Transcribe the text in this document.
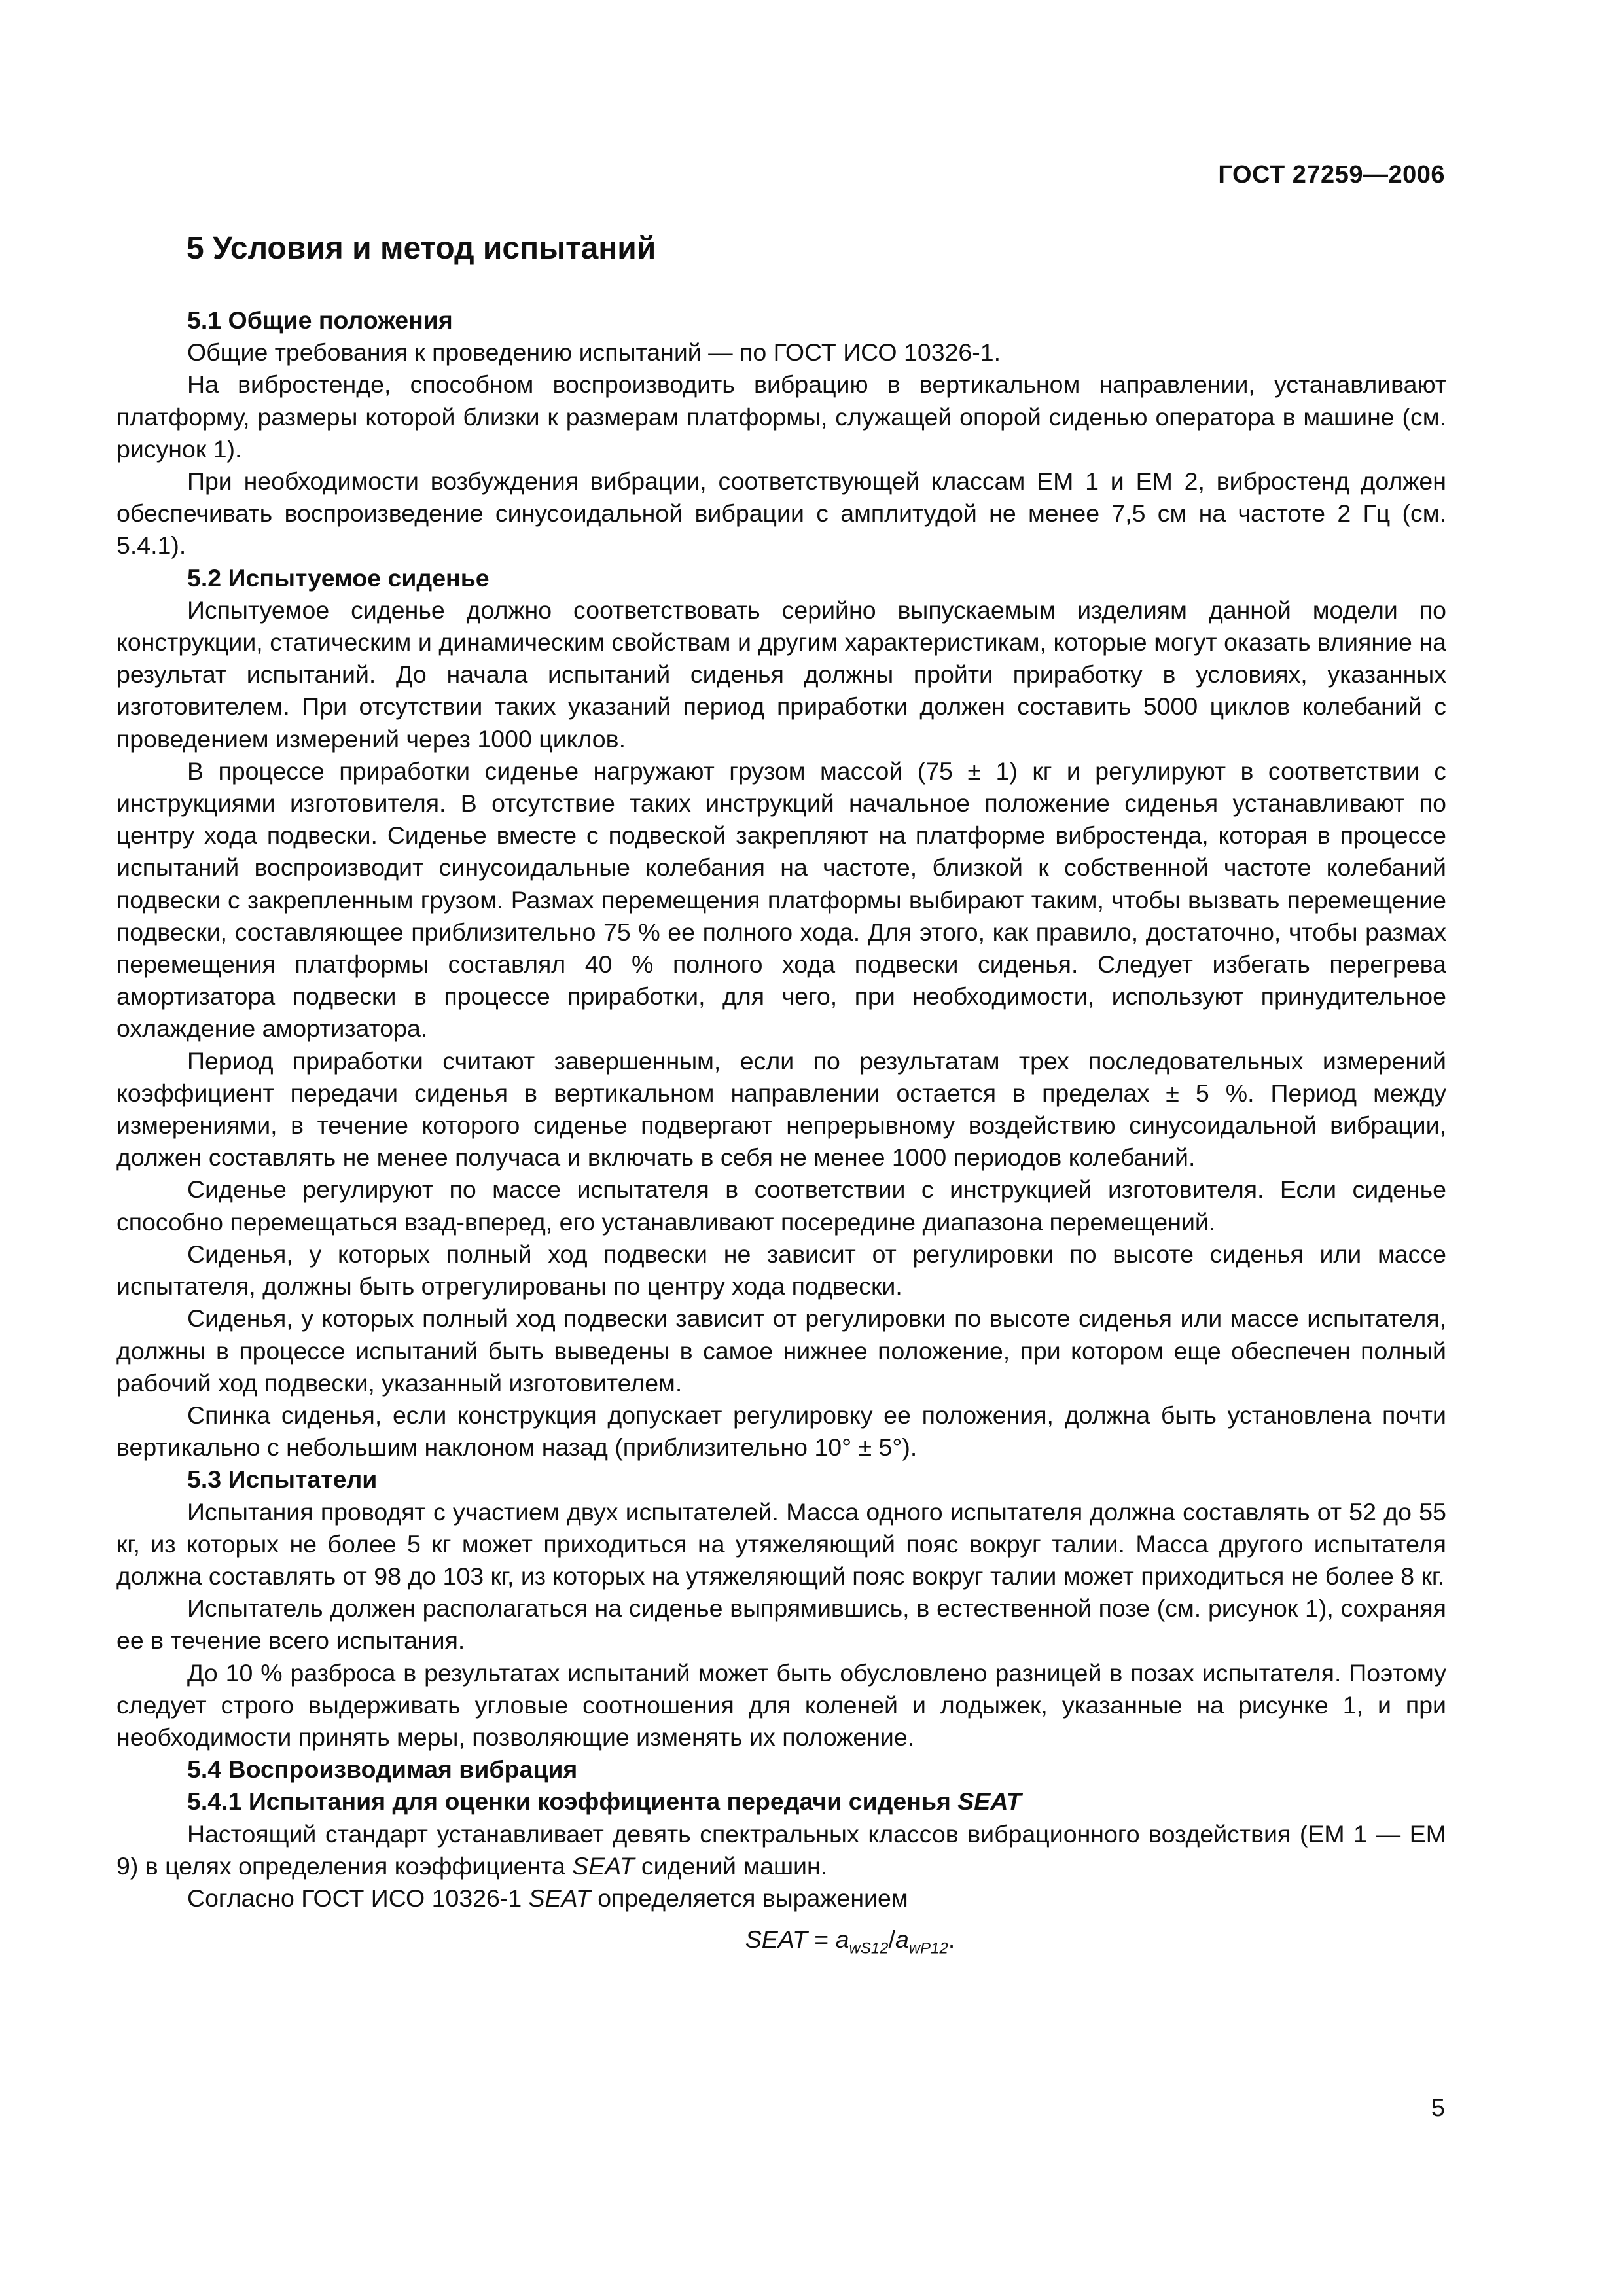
ГОСТ 27259—2006
5 Условия и метод испытаний
5.1 Общие положения

Общие требования к проведению испытаний — по ГОСТ ИСО 10326-1.

На вибростенде, способном воспроизводить вибрацию в вертикальном направлении, устанавливают платформу, размеры которой близки к размерам платформы, служащей опорой сиденью оператора в машине (см. рисунок 1).

При необходимости возбуждения вибрации, соответствующей классам ЕМ 1 и ЕМ 2, вибростенд должен обеспечивать воспроизведение синусоидальной вибрации с амплитудой не менее 7,5 см на частоте 2 Гц (см. 5.4.1).

5.2 Испытуемое сиденье

Испытуемое сиденье должно соответствовать серийно выпускаемым изделиям данной модели по конструкции, статическим и динамическим свойствам и другим характеристикам, которые могут оказать влияние на результат испытаний. До начала испытаний сиденья должны пройти приработку в условиях, указанных изготовителем. При отсутствии таких указаний период приработки должен составить 5000 циклов колебаний с проведением измерений через 1000 циклов.

В процессе приработки сиденье нагружают грузом массой (75 ± 1) кг и регулируют в соответствии с инструкциями изготовителя. В отсутствие таких инструкций начальное положение сиденья устанавливают по центру хода подвески. Сиденье вместе с подвеской закрепляют на платформе вибростенда, которая в процессе испытаний воспроизводит синусоидальные колебания на частоте, близкой к собственной частоте колебаний подвески с закрепленным грузом. Размах перемещения платформы выбирают таким, чтобы вызвать перемещение подвески, составляющее приблизительно 75 % ее полного хода. Для этого, как правило, достаточно, чтобы размах перемещения платформы составлял 40 % полного хода подвески сиденья. Следует избегать перегрева амортизатора подвески в процессе приработки, для чего, при необходимости, используют принудительное охлаждение амортизатора.

Период приработки считают завершенным, если по результатам трех последовательных измерений коэффициент передачи сиденья в вертикальном направлении остается в пределах ± 5 %. Период между измерениями, в течение которого сиденье подвергают непрерывному воздействию синусоидальной вибрации, должен составлять не менее получаса и включать в себя не менее 1000 периодов колебаний.

Сиденье регулируют по массе испытателя в соответствии с инструкцией изготовителя. Если сиденье способно перемещаться взад-вперед, его устанавливают посередине диапазона перемещений.

Сиденья, у которых полный ход подвески не зависит от регулировки по высоте сиденья или массе испытателя, должны быть отрегулированы по центру хода подвески.

Сиденья, у которых полный ход подвески зависит от регулировки по высоте сиденья или массе испытателя, должны в процессе испытаний быть выведены в самое нижнее положение, при котором еще обеспечен полный рабочий ход подвески, указанный изготовителем.

Спинка сиденья, если конструкция допускает регулировку ее положения, должна быть установлена почти вертикально с небольшим наклоном назад (приблизительно 10° ± 5°).

5.3 Испытатели

Испытания проводят с участием двух испытателей. Масса одного испытателя должна составлять от 52 до 55 кг, из которых не более 5 кг может приходиться на утяжеляющий пояс вокруг талии. Масса другого испытателя должна составлять от 98 до 103 кг, из которых на утяжеляющий пояс вокруг талии может приходиться не более 8 кг.

Испытатель должен располагаться на сиденье выпрямившись, в естественной позе (см. рисунок 1), сохраняя ее в течение всего испытания.

До 10 % разброса в результатах испытаний может быть обусловлено разницей в позах испытателя. Поэтому следует строго выдерживать угловые соотношения для коленей и лодыжек, указанные на рисунке 1, и при необходимости принять меры, позволяющие изменять их положение.

5.4 Воспроизводимая вибрация
5.4.1 Испытания для оценки коэффициента передачи сиденья SEAT

Настоящий стандарт устанавливает девять спектральных классов вибрационного воздействия (ЕМ 1 — ЕМ 9) в целях определения коэффициента SEAT сидений машин.

Согласно ГОСТ ИСО 10326-1 SEAT определяется выражением

SEAT = $a_{wS12}/a_{wP12}$.

5
